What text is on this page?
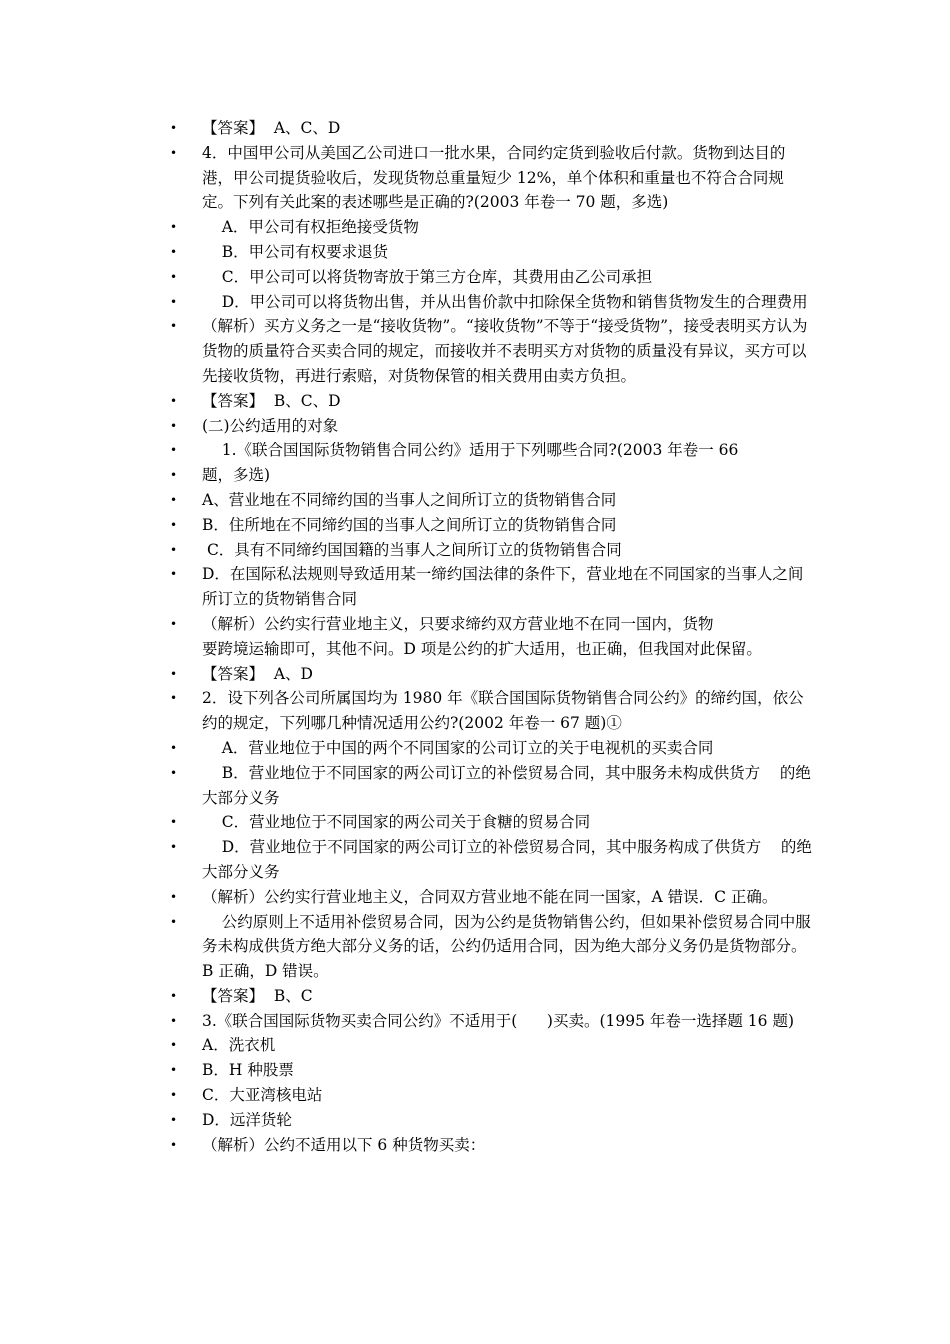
•	【答案】  A、C、D
•	4．中国甲公司从美国乙公司进口一批水果，合同约定货到验收后付款。货物到达目的港，甲公司提货验收后，发现货物总重量短少 12%，单个体积和重量也不符合合同规定。下列有关此案的表述哪些是正确的?(2003 年卷一 70 题，多选)
•	A．甲公司有权拒绝接受货物
•	B．甲公司有权要求退货
•	C．甲公司可以将货物寄放于第三方仓库，其费用由乙公司承担
•	D．甲公司可以将货物出售，并从出售价款中扣除保全货物和销售货物发生的合理费用
•	（解析）买方义务之一是“接收货物”。“接收货物”不等于“接受货物”，接受表明买方认为货物的质量符合买卖合同的规定，而接收并不表明买方对货物的质量没有异议，买方可以先接收货物，再进行索赔，对货物保管的相关费用由卖方负担。
•	【答案】  B、C、D
•	(二)公约适用的对象
•	1.《联合国国际货物销售合同公约》适用于下列哪些合同?(2003 年卷一 66
•	题，多选)
•	A、营业地在不同缔约国的当事人之间所订立的货物销售合同
•	B．住所地在不同缔约国的当事人之间所订立的货物销售合同
•	C．具有不同缔约国国籍的当事人之间所订立的货物销售合同
•	D．在国际私法规则导致适用某一缔约国法律的条件下，营业地在不同国家的当事人之间所订立的货物销售合同
•	（解析）公约实行营业地主义，只要求缔约双方营业地不在同一国内，货物
要跨境运输即可，其他不问。D 项是公约的扩大适用，也正确，但我国对此保留。
•	【答案】  A、D
•	2．设下列各公司所属国均为 1980 年《联合国国际货物销售合同公约》的缔约国，依公约的规定，下列哪几种情况适用公约?(2002 年卷一 67 题)①
•	A．营业地位于中国的两个不同国家的公司订立的关于电视机的买卖合同
•	B．营业地位于不同国家的两公司订立的补偿贸易合同，其中服务未构成供货方    的绝大部分义务
•	C．营业地位于不同国家的两公司关于食糖的贸易合同
•	D．营业地位于不同国家的两公司订立的补偿贸易合同，其中服务构成了供货方    的绝大部分义务
•	（解析）公约实行营业地主义，合同双方营业地不能在同一国家，A 错误．C 正确。
•	公约原则上不适用补偿贸易合同，因为公约是货物销售公约，但如果补偿贸易合同中服务未构成供货方绝大部分义务的话，公约仍适用合同，因为绝大部分义务仍是货物部分。B 正确，D 错误。
•	【答案】  B、C
•	3.《联合国国际货物买卖合同公约》不适用于(      )买卖。(1995 年卷一选择题 16 题)
•	A．洗衣机
•	B．H 种股票
•	C．大亚湾核电站
•	D．远洋货轮
•	（解析）公约不适用以下 6 种货物买卖：
